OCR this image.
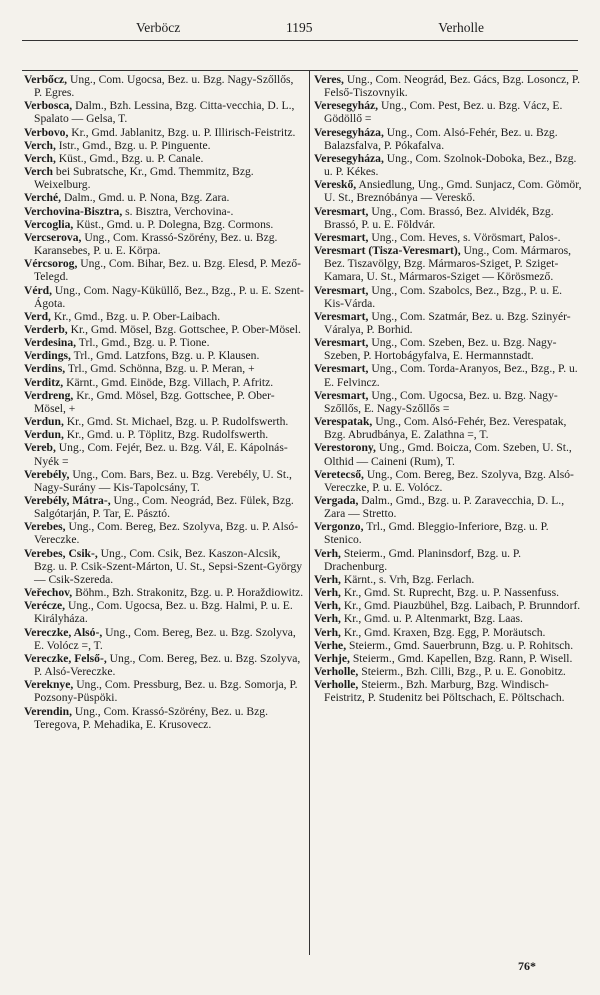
Verböcz	1195	Verholle

Verbőcz, Ung., Com. Ugocsa, Bez. u. Bzg. Nagy-Szőllős, P. Egres.

Verbosca, Dalm., Bzh. Lessina, Bzg. Citta-vecchia, D. L., Spalato — Gelsa, T.

Verbovo, Kr., Gmd. Jablanitz, Bzg. u. P. Illirisch-Feistritz.

Verch, Istr., Gmd., Bzg. u. P. Pinguente.

Verch, Küst., Gmd., Bzg. u. P. Canale.

Verch bei Subratsche, Kr., Gmd. Themmitz, Bzg. Weixelburg.

Verché, Dalm., Gmd. u. P. Nona, Bzg. Zara.

Verchovina-Bisztra, s. Bisztra, Verchovina-.

Vercoglia, Küst., Gmd. u. P. Dolegna, Bzg. Cormons.

Vercserova, Ung., Com. Krassó-Szörény, Bez. u. Bzg. Karansebes, P. u. E. Körpa.

Vércsorog, Ung., Com. Bihar, Bez. u. Bzg. Elesd, P. Mező-Telegd.

Vérd, Ung., Com. Nagy-Küküllő, Bez., Bzg., P. u. E. Szent-Ágota.

Verd, Kr., Gmd., Bzg. u. P. Ober-Laibach.

Verderb, Kr., Gmd. Mösel, Bzg. Gottschee, P. Ober-Mösel.

Verdesina, Trl., Gmd., Bzg. u. P. Tione.

Verdings, Trl., Gmd. Latzfons, Bzg. u. P. Klausen.

Verdins, Trl., Gmd. Schönna, Bzg. u. P. Meran, +

Verditz, Kärnt., Gmd. Einöde, Bzg. Villach, P. Afritz.

Verdreng, Kr., Gmd. Mösel, Bzg. Gottschee, P. Ober-Mösel, +

Verdun, Kr., Gmd. St. Michael, Bzg. u. P. Rudolfswerth.

Verdun, Kr., Gmd. u. P. Töplitz, Bzg. Rudolfswerth.

Vereb, Ung., Com. Fejér, Bez. u. Bzg. Vál, E. Kápolnás-Nyék =

Verebély, Ung., Com. Bars, Bez. u. Bzg. Verebély, U. St., Nagy-Surány — Kis-Tapolcsány, T.

Verebély, Mátra-, Ung., Com. Neográd, Bez. Fülek, Bzg. Salgótarján, P. Tar, E. Pásztó.

Verebes, Ung., Com. Bereg, Bez. Szolyva, Bzg. u. P. Alsó-Vereczke.

Verebes, Csik-, Ung., Com. Csik, Bez. Kaszon-Alcsik, Bzg. u. P. Csik-Szent-Márton, U. St., Sepsi-Szent-György — Csik-Szereda.

Veřechov, Böhm., Bzh. Strakonitz, Bzg. u. P. Horaždiowitz.

Verécze, Ung., Com. Ugocsa, Bez. u. Bzg. Halmi, P. u. E. Királyháza.

Vereczke, Alsó-, Ung., Com. Bereg, Bez. u. Bzg. Szolyva, E. Volócz =, T.

Vereczke, Felső-, Ung., Com. Bereg, Bez. u. Bzg. Szolyva, P. Alsó-Vereczke.

Vereknye, Ung., Com. Pressburg, Bez. u. Bzg. Somorja, P. Pozsony-Püspöki.

Verendin, Ung., Com. Krassó-Szörény, Bez. u. Bzg. Teregova, P. Mehadika, E. Krusovecz.

Veres, Ung., Com. Neográd, Bez. Gács, Bzg. Losoncz, P. Felső-Tiszovnyik.

Veresegyház, Ung., Com. Pest, Bez. u. Bzg. Vácz, E. Gödöllő =

Veresegyháza, Ung., Com. Alsó-Fehér, Bez. u. Bzg. Balazsfalva, P. Pókafalva.

Veresegyháza, Ung., Com. Szolnok-Doboka, Bez., Bzg. u. P. Kékes.

Vereskő, Ansiedlung, Ung., Gmd. Sunjacz, Com. Gömör, U. St., Breznóbánya — Vereskő.

Veresmart, Ung., Com. Brassó, Bez. Alvidék, Bzg. Brassó, P. u. E. Földvár.

Veresmart, Ung., Com. Heves, s. Vörösmart, Palos-.

Veresmart (Tisza-Veresmart), Ung., Com. Mármaros, Bez. Tiszavölgy, Bzg. Mármaros-Sziget, P. Sziget-Kamara, U. St., Mármaros-Sziget — Körösmező.

Veresmart, Ung., Com. Szabolcs, Bez., Bzg., P. u. E. Kis-Várda.

Veresmart, Ung., Com. Szatmár, Bez. u. Bzg. Szinyér-Váralya, P. Borhid.

Veresmart, Ung., Com. Szeben, Bez. u. Bzg. Nagy-Szeben, P. Hortobágyfalva, E. Hermannstadt.

Veresmart, Ung., Com. Torda-Aranyos, Bez., Bzg., P. u. E. Felvincz.

Veresmart, Ung., Com. Ugocsa, Bez. u. Bzg. Nagy-Szőllős, E. Nagy-Szőllős =

Verespatak, Ung., Com. Alsó-Fehér, Bez. Verespatak, Bzg. Abrudbánya, E. Zalathna =, T.

Verestorony, Ung., Gmd. Boicza, Com. Szeben, U. St., Olthid — Caineni (Rum), T.

Veretecső, Ung., Com. Bereg, Bez. Szolyva, Bzg. Alsó-Vereczke, P. u. E. Volócz.

Vergada, Dalm., Gmd., Bzg. u. P. Zaravecchia, D. L., Zara — Stretto.

Vergonzo, Trl., Gmd. Bleggio-Inferiore, Bzg. u. P. Stenico.

Verh, Steierm., Gmd. Planinsdorf, Bzg. u. P. Drachenburg.

Verh, Kärnt., s. Vrh, Bzg. Ferlach.

Verh, Kr., Gmd. St. Ruprecht, Bzg. u. P. Nassenfuss.

Verh, Kr., Gmd. Piauzbühel, Bzg. Laibach, P. Brunndorf.

Verh, Kr., Gmd. u. P. Altenmarkt, Bzg. Laas.

Verh, Kr., Gmd. Kraxen, Bzg. Egg, P. Moräutsch.

Verhe, Steierm., Gmd. Sauerbrunn, Bzg. u. P. Rohitsch.

Verhje, Steierm., Gmd. Kapellen, Bzg. Rann, P. Wisell.

Verholle, Steierm., Bzh. Cilli, Bzg., P. u. E. Gonobitz.

Verholle, Steierm., Bzh. Marburg, Bzg. Windisch-Feistritz, P. Studenitz bei Pöltschach, E. Pöltschach.

76*
